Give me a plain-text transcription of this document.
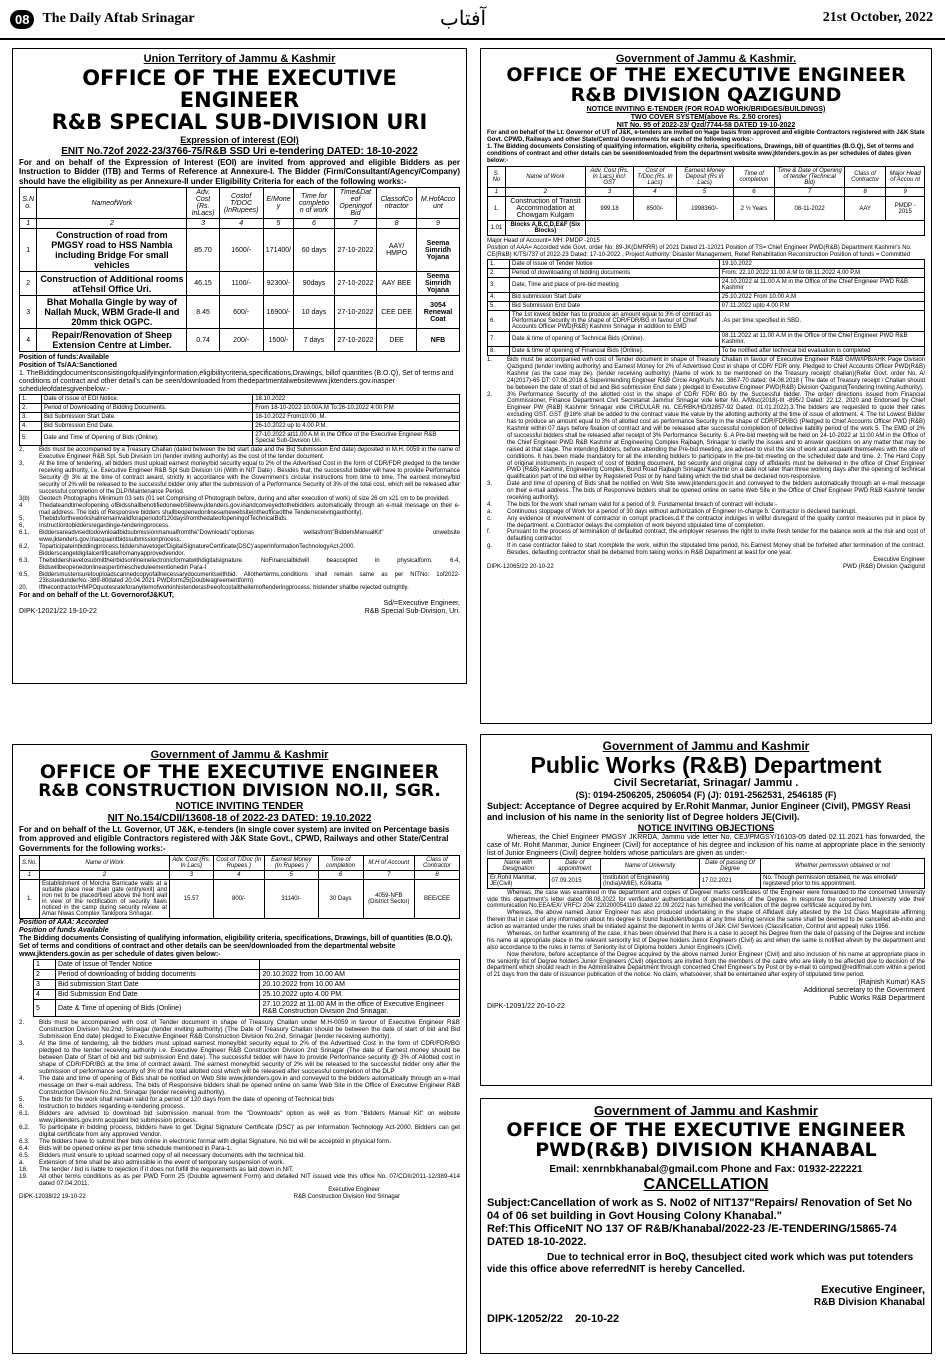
08 The Daily Aftab Srinagar	آفتاب	21st October, 2022
Union Territory of Jammu & Kashmir
OFFICE OF THE EXECUTIVE ENGINEER
R&B SPECIAL SUB-DIVISION URI
Expression of interest (EOI)
ENIT No.72of 2022-23/3766-75/R&B SSD Uri e-tendering DATED: 18-10-2022
For and on behalf of the Expression of Interest (EOI) are invited from approved and eligible Bidders as per Instruction to Bidder (ITB) and Terms of Reference at Annexure-I. The Bidder (Firm/Consultant/Agency/Company) should have the eligibility as per Annexure-II under Eligibility Criteria for each of the following works:-
S.N o.	NameofWork	Adv. Cost (Rs. InLacs)	Costof T/DOC (InRupees)	E/Mone y	Time for completio n of work	Time&Dat eof Openingof Bid	ClassofCo ntractor	M.HofAcco unt
1	2	3	4	5	6	7	8	9
1	Construction of road from PMGSY road to HSS Nambla including Bridge For small vehicles	85.70	1600/-	171400/	60 days	27-10-2022	AAY/ HMPO	Seema Simridh Yojana
2	Construction of Additional rooms atTehsil Office Uri.	46.15	1100/-	92300/-	90days	27-10-2022	AAY BEE	Seema Simridh Yojana
3	Bhat Mohalla Gingle by way of Nallah Muck, WBM Grade-II and 20mm thick OGPC.	8.45	600/-	16900/-	10 days	27-10-2022	CEE DEE	3054 Renewal Coat
4	Repair/Renovation of Sheep Extension Centre at Limber.	0.74	200/-	1500/-	7 days	27-10-2022	DEE	NFB
Position of funds:Available
Position of Ts/AA:Sanctioned
1. TheBiddingdocumentsconsistingofqualifyinginformation,eligibilitycriteria,specifications,Drawings, billof quantities (B.O.Q), Set of terms and conditions of contract and other detail's can be seen/downloaded from thedepartmentalwebsitewww.jktenders.gov.inasper scheduleofdatesgivenbelow:-
1.	Date of Issue of EOI Notice.	18.10.2022
2.	Period of Downloading of Bidding Documents.	From 18-10-2022 10.00A.M To:26-10.2022 4:00 P.M
3.	Bid Submission Start Date.	18-10.2022 From10:00 .M.
4.	Bid Submission End Date.	26-10.2022 up to 4.00 P.M.
5.	Date and Time of Opening of Bids (Online).	27-10.2022 at11.00 A.M in the Office of the Executive Engineer R&B Special Sub-Division Uri.
2,	Bids must be accompanied by a Treasury Challan (dated between the bid start date and the Bid Submission End date) deposited in M.H. 0059 in the name of Executive Engineer R&B Spl. Sub Division Uri (tender inviting authority) as the cost of the tender document.
3,	At the time of tendering, all bidders must upload earnest money/bid security equal to 2% of the Advertised Cost in the form of CDR/FDR pledged to the tender receiving authority, i.e. Executive Engineer R&B Spl Sub Division Uri (With in NIT Date) . Besides that, the successful bidder will have to provide Performance Security @ 3% at the time of contract award, strictly in accordance with the Government's circular instructions from time to time. The earnest money/bid security of 2% will be released to the successful bidder only after the submission of a Performance Security of 3% of the total cost, which will be released after successful completion of the DLP/Maintenance Period.
3(b)	Geotech Photographs Minimum 03 sets (01 set Comprising of Photograph before, during and after execution of work) of size 26 cm x21 cm to be provided.
4	Thedateandtimeofopening ofBidsshallbenotifiedonwebSiteww.jktenders.gov.inandconveyedtothebidders automatically through an e-mail message on their e-mail address. The bids of Responsive bidders shallbeopenedonlinesamewebsiteintheofficeofthe Tenderreceivingauthority).
5,	Thebidsfortheworkshallremainvalidforaperiodof120daysfromthedateofopeningofTechnicalBids.
6,	Instructiontobiddersregardinge-tenderingprocess.
6.1,	Biddersareadvisedtodownloadbidsubmissionmanualfromthe"Downloads"optionas wellasfrom"BiddersManualKit" onwebsite www.jktenders.gov.inacquaintbidssubmissionprocess.
6.2,	Toparticipateinbiddingprocess,biddershavetoget'DigitalSignatureCertificate(DSC)'asperInformationTechnologyAct-2000. Bidderscangetdigitalcertificatefromanyapprovedvendor.
6.3,	Thebiddershavetosubmittheirbidsonlineinelectronicformatwithdigitalsignature. NoFinancialbidwill beaccepted in physicalform. 6.4, Bidswillbeopenedonlineaspertimescheduleementionedin Para-I
6.5,	Biddersmustensuretouploadscannedcopyofallnecessarydocumentswithbid. Allotherterms,conditions shall remain same as per NITNo: 1of2022-23issuedunderNo:-389-80dated 20.04.2021 PWDform25(Doubleagreementform)
20,	Ifthecontractor/HMPOquotesrateforanyitemofworkinhistenderasfreeofcostalltheitemoftenderingprocess, histender shallbe rejected outrightly.
For and on behalf of the Lt. GovernorofJ&KUT,
Sd/=Executive Engineer,
DIPK-12021/22 19-10-22	R&B Special Sub-Division, Uri.
Government of Jammu & Kashmir.
OFFICE OF THE EXECUTIVE ENGINEER
R&B DIVISION QAZIGUND
NOTICE INVITING E-TENDER (FOR ROAD WORK/BRIDGES/BUILDINGS)
TWO COVER SYSTEM(above Rs. 2.50 crores)
NIT No. 95 of 2022-23/ Qzd/7744-58 DATED 19-10-2022
For and on behalf of the Lt. Governor of UT of J&K, e-tenders are invited on %age basis from approved and eligible Contractors registered with J&K State Govt. CPWD, Railways and other State/Central Governments for each of the following works:-
1. The Bidding documents Consisting of qualifying information, eligibility criteria, specifications, Drawings, bill of quantities (B.O.Q), Set of terms and conditions of contract and other details can be seen/downloaded from the department website www.jktenders.gov.in as per schedules of dates given below:-
S. No	Name of Work	Adv. Cost (Rs. In Lacs) incl: GST	Cost of T/Doc.(Rs. In Lacs)	Earnest Money Deposit (Rs in Lacs)	Time of completion	Time & Date of Opening of tender (Technical Bid)	Class of Contractor	Major Head of Accou nt
1	2	3	4	5	6	7	8	9
1.	Construction of Transit Accommodation at Chowgam Kulgam	999.18	8500/-	1998360/-	2 ½ Years	08-11-2022	AAY	PMDP - 2015
1.01	Blocks A,B,C,D,E&F (Six Blocks)							
Major Head of Account= MH: PMDP -2015
Position of AAA= Accorded vide Govt. order No: 89-JK(DMRRR) of 2021 Dated 21-12021 Position of TS= Chief Engineer PWD(R&B) Department Kashmir's No. CE(R&B) K/TS/737 of 2022-23 Dated: 17-10-2022 , Project Authority: Disaster Management, Relief Rehablitation Reconstruction Position of funds = Committed
1.	Date of Issue of Tender Notice	19.10.2022
2.	Period of downloading of bidding documents	From: 22.10.2022 11.00 A.M to 08.11.2022 4.00 P.M
3.	Date, Time and place of pre-bid meeting	24.10.2022 at 11.00 A.M in the Office of the Chief Engineer PWD R&B Kashmir
4.	Bid submission Start Date	25.10.2022 From 10.00 A.M
5.	Bid Submission End Date	07.11.2022 upto 4.00 P.M
6.	The 1st lowest bidder has to produce an amount equal to 3% of contract as Performance Security in the shape of CDR/FDR/BG in favour of Chief Accounts Officer PWD(R&B) Kashmir Srinagar in addition to EMD	.As per time specified in SBD.
7.	Date & time of opening of Technical Bids (Online).	08.11.2022 at 11.00 A.M in the Office of the Chief Engineer PWD R&B Kashmir.
8.	Date & time of opening of Financial Bids (Online).	To be notified after technical bid evaluation is completed
1.	Bids must be accompanied with cost of Tender document in shape of Treasury Challan in favour of Executive Engineer R&B GMW/IPB/AHK Page Division Qazigund (tender inviting authority) and Earnest Money for 2% of Advertised Cost in shape of CDR/ FDR only. Pledged to Chief Accounts Officer PWD(R&B) Kashmir (as the case may be). (tender receiving authority) (Name of work to be mentioned on the Treasury receipt/ challan)(Refer Govt. order No. A/ 24(2017)-65 DT: 07.06.2018 & Superintending Engineer R&B Circle Ang/Kul's No. 3867-70 dated: 04.08.2018 ( The date of Treasury receipt / Challan should be between the date of start of bid and Bid submission End date ) pledged to Executive Engineer PWD(R&B) Division Qazigund(Tendering Inviting Authority).
2.	3% Performance Security of the allotted cost in the shape of CDR/ FDR/ BG by the Successful bidder. The order/ directions issued from Financial Commissioner, Finance Department Civil Secretariat Jammu/ Srinagar vide letter No. A/Misc(2018)-III -895/J Dated: 22.12. 2020 and Endorsed by Chief Engineer PW (R&B) Kashmir Srinagar vide CIRCULAR no. CE/RBK/HD/32857-92 Dated: 01.01.2022).3.The bidders are requested to quote their rates excluding GST. GST @18% shall be added to the contract value the value by the allotting authority at the time of issue of allotment. 4. The Ist Lowest Bidder has to produce an amount equal to 3% of allotted cost as performance Security in the shape of CDR/FDR/BG (Pledged to Chief Accounts Officer PWD (R&B) Kashmir within 07 days before fixation of contract and will be released after successful completion of defective liability period of the work 5. The EMD of 2% of successful bidders shall be released after receipt of 3% Performance Security. 6. A Pre-bid meeting will be held on 24-10-2022 at 11:00 AM in the Office of the Chief Engineer PWD R&B Kashmir at Engineering Complex Rajbagh, Srinagar to clarify the issues and to answer questions on any matter that may be raised at that stage. The intending Bidders, before attending the Pre-bid meeting, are advised to visit the site of work and acquaint themselves with the site of conditions. It has been made mandatory for all the intending bidders to participate in the pre-bid meeting on the scheduled date and time. 2. The Hard Copy of original instruments in respect of cost of bidding document, bid security and original copy of affidavits must be delivered in the office of Chief Engineer PWD (R&B) Kashmir, Engineering Complex, Bund Road Rajbagh Srinagar Kashmir on a date not later than three working days after the opening of technical qualification part of the bid either by Registered Post or by hand failing which the bid shall be declared non-responsive.
3.	Date and time of opening of Bids shall be notified on Web Site www.jktenders.gov.in and conveyed to the bidders automatically through an e-mail message on their e-mail address. The bids of Responsive bidders shall be opened online on same Web Site in the Office of Chief Engineer PWD R&B Kashmir tender receiving authority).
4.	The bids for the work shall remain valid for a period of 9. Fundamental breach of contract will include:-
a.	Continuous stoppage of Work for a period of 30 days without authorization of Engineer in-charge b. Contractor is declared bankrupt.
c.	Any evidence of involvement of contractor in corrupt practices.d.If the contractor indulges in willful disregard of the quality control measures put in place by the department. e.Contractor delays the completion of work beyond stipulated time of completion.
f.	Pursuant to the process of termination of defaulted contract, the employer reserves the right to invite fresh tender for the balance work at the risk and cost of defaulting contractor.
g.	If in case contractor failed to start /complete the work, within the stipulated time period, his Earnest Money shall be forfeited after termination of the contract. Besides, defaulting contractor shall be debarred from taking works in R&B Department at least for one year.
Executive Engineer
DIPK-12065/22 20-10-22	PWD (R&B) Division Qazigund
Government of Jammu & Kashmir
OFFICE OF THE EXECUTIVE ENGINEER
R&B CONSTRUCTION DIVISION NO.II, SGR.
NOTICE INVITING TENDER
NIT No.154/CDII/13608-18 of 2022-23 DATED: 19.10.2022
For and on behalf of the Lt. Governor, UT J&K, e-tenders (in single cover system) are invited on Percentage basis from approved and eligible Contractors registered with J&K State Govt., CPWD, Railways and other State/Central Governments for the following works:-
S.No.	Name of Work	Adv. Cost (Rs. In Lacs)	Cost of T/Doc (In Rupees )	Earnest Money (In Rupees )	Time of completion	M.H of Account	Class of Contractor
1	2	3	4	5	6	7	8
1.	Establishment of Morcha Barricade walls at a suitable place near main gate (entry/exit) and iron net to be placed/fixed above the front wall in view of the rectification of security flaws noticed in the camp during security review at Amar Niwas Complex Tankipora Srinagar.	15.57	800/-	31140/-	30 Days	4059-NFB (District Sector)	BEE/CEE
Position of AAA: Accorded
Position of funds Available
The Bidding documents Consisting of qualifying information, eligibility criteria, specifications, Drawings, bill of quantities (B.O.Q), Set of terms and conditions of contract and other details can be seen/downloaded from the departmental website www.jktenders.gov.in as per schedule of dates given below:-
1	Date of Issue of Tender Notice	
2	Period of downloading of bidding documents	20.10.2022 from 10.00 AM
3	Bid submission Start Date	20.10.2022 from 10.00 AM
4	Bid Submission End Date	25.10.2022 upto 4.00 PM.
5	Date & Time of opening of Bids (Online)	27.10.2022 at 11.00 AM in the office of Executive Engineer R&B Construction Division 2nd Srinagar.
2.	Bids must be accompanied with cost of Tender document in shape of Treasury Challan under M.H-0059 in favour of Executive Engineer R&B Construction Division No.2nd, Srinagar (tender inviting authority) (The Date of Treasury Challan should be between the date of start of bid and Bid Submission End date) pledged to Executive Engineer R&B Construction Division No.2nd, Srinagar (tender receiving authority).
3.	At the time of tendering, all the bidders must upload earnest money/bid security equal to 2% of the Advertised Cost in the form of CDR/FDR/BG pledged to the tender receiving authority i.e. Executive Engineer R&B Construction Division 2nd Srinagar (The date of Earnest money should be between Date of Start of bid and bid submission End date). The successful bidder will have to provide Performance security @ 3% of Allotted cost in shape of CDR/FDR/BG at the time of contract award. The earnest money/bid security of 2% will be released to the successful bidder only after the submission of performance security of 3% of the total allotted cost which will be released after successful completion of the DLP
4.	The date and time of opening of Bids shall be notified on Web Site www.jktenders.gov.in and conveyed to the bidders automatically through an e-mail message on their e-mail address. The bids of Responsive bidders shall be opened online on same Web Site in the Office of Executive Engineer R&B Construction Division No.2nd, Srinagar (tender receiving authority).
5.	The bids for the work shall remain valid for a period of 120 days from the date of opening of Technical bids
6.	Instruction to bidders regarding e-tendering process.
6.1.	Bidders are advised to download bid submission manual from the "Downloads" option as well as from "Bidders Manual Kit" on website www.jktenders.gov.inm acquaint bid submission process.
6.2.	To participate in bidding process, bidders have to get 'Digital Signature Certificate (DSC)' as per Information Technology Act-2000. Bidders can get digital certificate from any approved Vendor.
6.3.	The bidders have to submit their bids online in electronic format with digital Signature. No bid will be accepted in physical form.
6.4.	Bids will be opened online as per time schedule mentioned in Para-1.
6.5.	Bidders must ensure to upload scanned copy of all necessary documents with the technical bid.
a.	Extension of time shall be also admissible in the event of temporary suspension of work.
18.	The tender / bid is liable to rejection if it does not fulfill the requirements as laid down in NIT.
19.	All other terms conditions as as per PWD Form 25 (Double agreement Form) and detailed NIT issued vide this office No. 07/CDII/2011-12/389-414 dated 07.04.2011.
Executive Engineer
DIPK-12038/22 19-10-22	R&B Construction Division IInd Srinagar
Government of Jammu and Kashmir
Public Works (R&B) Department
Civil Secretariat, Srinagar/ Jammu .
(S): 0194-2506205, 2506054 (F) (J): 0191-2562531, 2546185 (F)
Subject: Acceptance of Degree acquired by Er.Rohit Manmar, Junior Engineer (Civil), PMGSY Reasi and inclusion of his name in the seniority list of Degree holders JE(Civil).
NOTICE INVITING OBJECTIONS
Whereas, the Chief Engineer PMGSY JKRRDA, Jammu vide letter No. CEJ/PMGSY/16103-05 dated 02.11.2021 has forwarded, the case of Mr. Rohit Manmar, Junior Engineer (Civil) for acceptance of his degree and inclusion of his name at appropriate place in the seniority list of Junior Engineers (Civil) degree holders whose particulars are given as under:-
Name with Designation	Date of appointment	Name of University	Date of passing Of Degree	Whether permission obtained or not
Er.Rohit Manmar, JE(Civil)	07.09.2015	Institution of Engineering (India)AMIE), Kolkatta	17.02.2021	No. Though permission obtained, he was enrolled/ registered prior to his appointment.
Whereas, the case was examined in the department and copies of Degree/ marks certificates of the Engineer were forwarded to the concerned University vide this department's letter dated 08.08.2022 for verification/ authentication of genuineness of the Degree. In response the concerned University vide their communication No.EEA/EX/ VRFC/ 204/ 220200054110 dated 22.09.2022 has furnished the verification of the degree certificate acquired by him.
Whereas, the above named Junior Engineer has also produced undertaking in the shape of Affidavit duly attested by the 1st Class Magistrate affirming therein that in case of any information about his degree is found fraudulent/bogus at any time during service the same shall be deemed to be cancelled ab-initio and action as warranted under the rules shall be initiated against the deponent in terms of J&K Civil Services (Classification, Control and appeal) rules 1956.
Whereas, on further examining of the case, it has been observed that there is a case to accept his Degree from the date of passing of the Degree and include his name at appropriate place in the relevant seniority list of Degree holders Junior Engineers (Civil) as and when the same is notified afresh by the department and also accordance to the rules in terms of Seniority list of Diploma holders Junior Engineers (Civil).
Now therefore, before acceptance of the Degree acquired by the above named Junior Engineer (Civil) and also inclusion of his name at appropriate place in the seniority list of Degree holders Junior Engineers (Civil) objections are invited from the members of the cadre who are likely to be affected due to decision of the department which should reach in the Administrative Department through concerned Chief Engineer's by Post or by e-mail to compwd@rediffmail.com within a period of 21 days from the date of issuance/ publication of the notice. No claim, whatsoever, shall be entertained after expiry of stipulated time period.
(Rajnish Kumar) KAS
Additional secretary to the Government
Public Works R&B Department
DIPK-12091/22 20-10-22
Government of Jammu and Kashmir
OFFICE OF THE EXECUTIVE ENGINEER
PWD(R&B) DIVISION KHANABAL
Email: xenrnbkhanabal@gmail.com Phone and Fax: 01932-222221
CANCELLATION
Subject:Cancellation of work as S. No02 of NIT137"Repairs/ Renovation of Set No 04 of 06 set building in Govt Housing Colony Khanabal."
Ref:This OfficeNIT NO 137 OF R&B/Khanabal/2022-23 /E-TENDERING/15865-74 DATED 18-10-2022.
Due to technical error in BoQ, thesubject cited work which was put totenders vide this office above referredNIT is hereby Cancelled.
Executive Engineer,
R&B Division Khanabal
DIPK-12052/22 20-10-22
